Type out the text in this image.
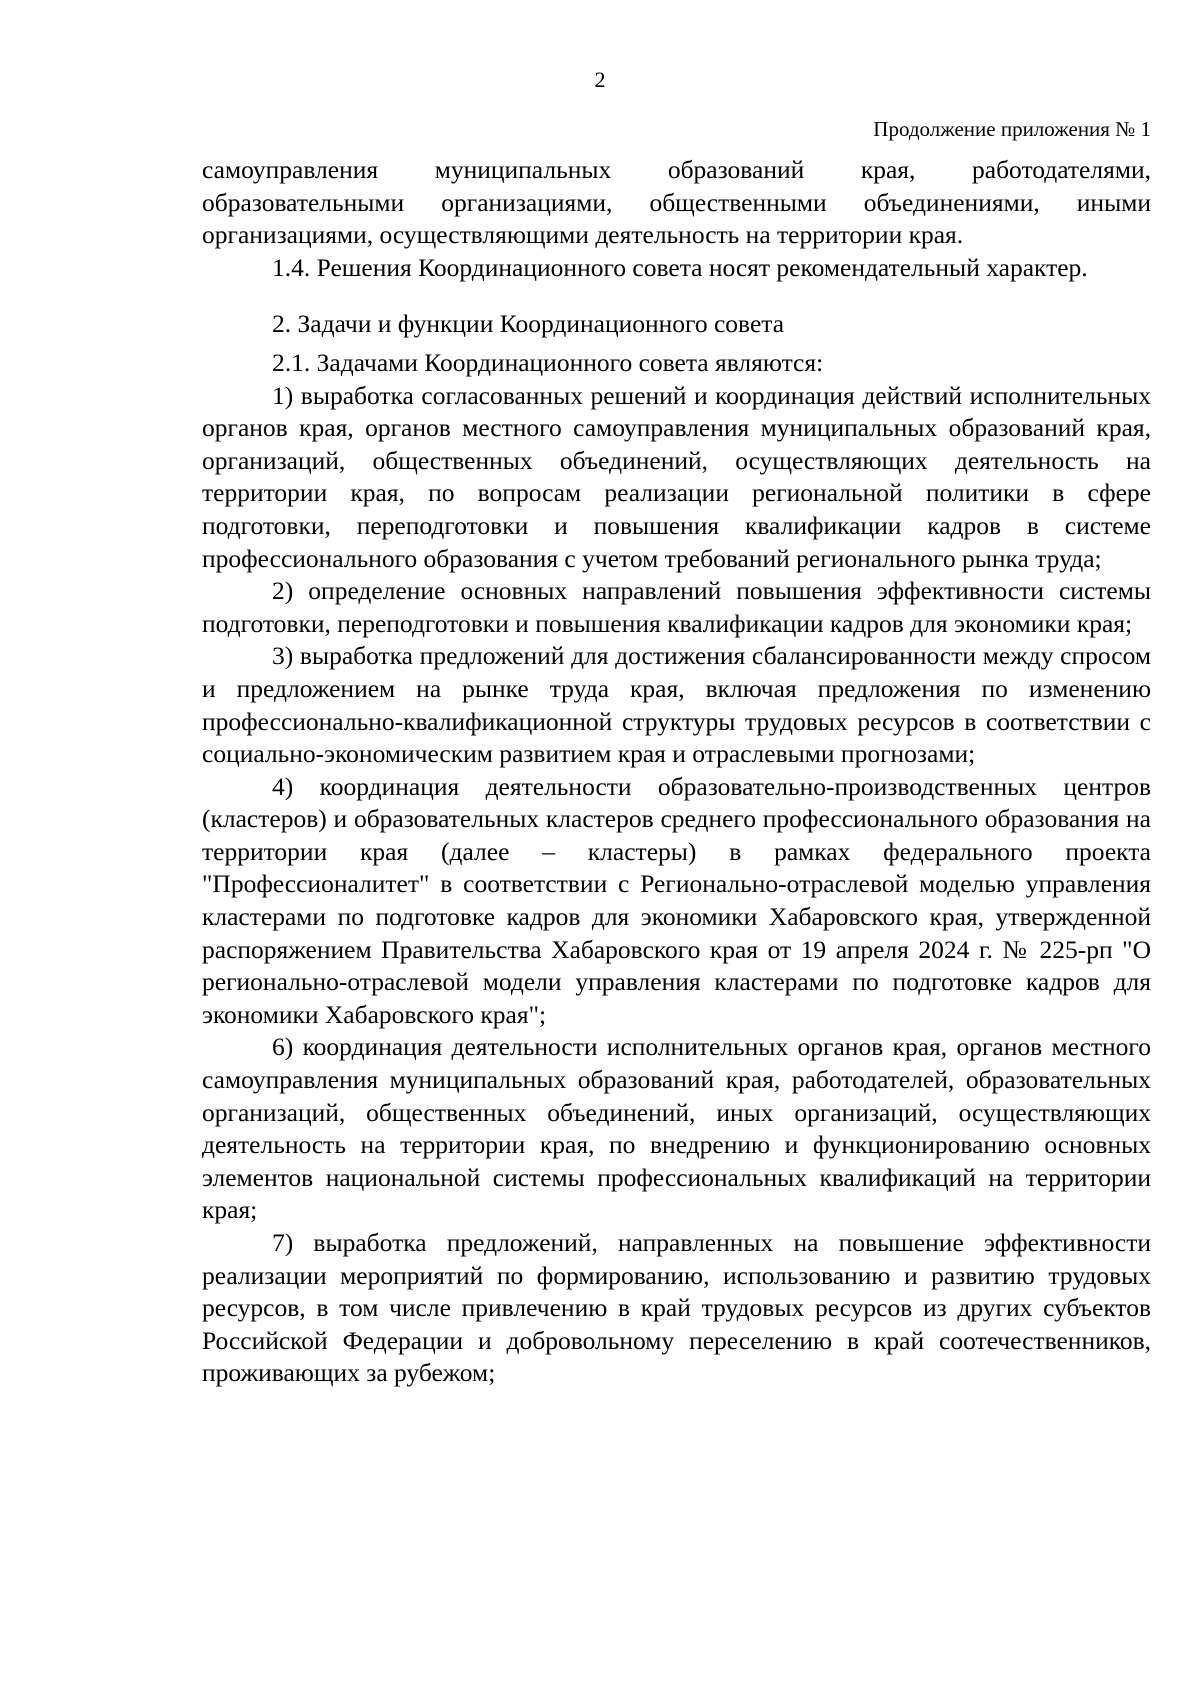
2
Продолжение приложения № 1

самоуправления муниципальных образований края, работодателями, образовательными организациями, общественными объединениями, иными организациями, осуществляющими деятельность на территории края.

1.4. Решения Координационного совета носят рекомендательный характер.

2. Задачи и функции Координационного совета

2.1. Задачами Координационного совета являются:

1) выработка согласованных решений и координация действий исполнительных органов края, органов местного самоуправления муниципальных образований края, организаций, общественных объединений, осуществляющих деятельность на территории края, по вопросам реализации региональной политики в сфере подготовки, переподготовки и повышения квалификации кадров в системе профессионального образования с учетом требований регионального рынка труда;

2) определение основных направлений повышения эффективности системы подготовки, переподготовки и повышения квалификации кадров для экономики края;

3) выработка предложений для достижения сбалансированности между спросом и предложением на рынке труда края, включая предложения по изменению профессионально-квалификационной структуры трудовых ресурсов в соответствии с социально-экономическим развитием края и отраслевыми прогнозами;

4) координация деятельности образовательно-производственных центров (кластеров) и образовательных кластеров среднего профессионального образования на территории края (далее – кластеры) в рамках федерального проекта "Профессионалитет" в соответствии с Регионально-отраслевой моделью управления кластерами по подготовке кадров для экономики Хабаровского края, утвержденной распоряжением Правительства Хабаровского края от 19 апреля 2024 г. № 225-рп "О регионально-отраслевой модели управления кластерами по подготовке кадров для экономики Хабаровского края";

6) координация деятельности исполнительных органов края, органов местного самоуправления муниципальных образований края, работодателей, образовательных организаций, общественных объединений, иных организаций, осуществляющих деятельность на территории края, по внедрению и функционированию основных элементов национальной системы профессиональных квалификаций на территории края;

7) выработка предложений, направленных на повышение эффективности реализации мероприятий по формированию, использованию и развитию трудовых ресурсов, в том числе привлечению в край трудовых ресурсов из других субъектов Российской Федерации и добровольному переселению в край соотечественников, проживающих за рубежом;
